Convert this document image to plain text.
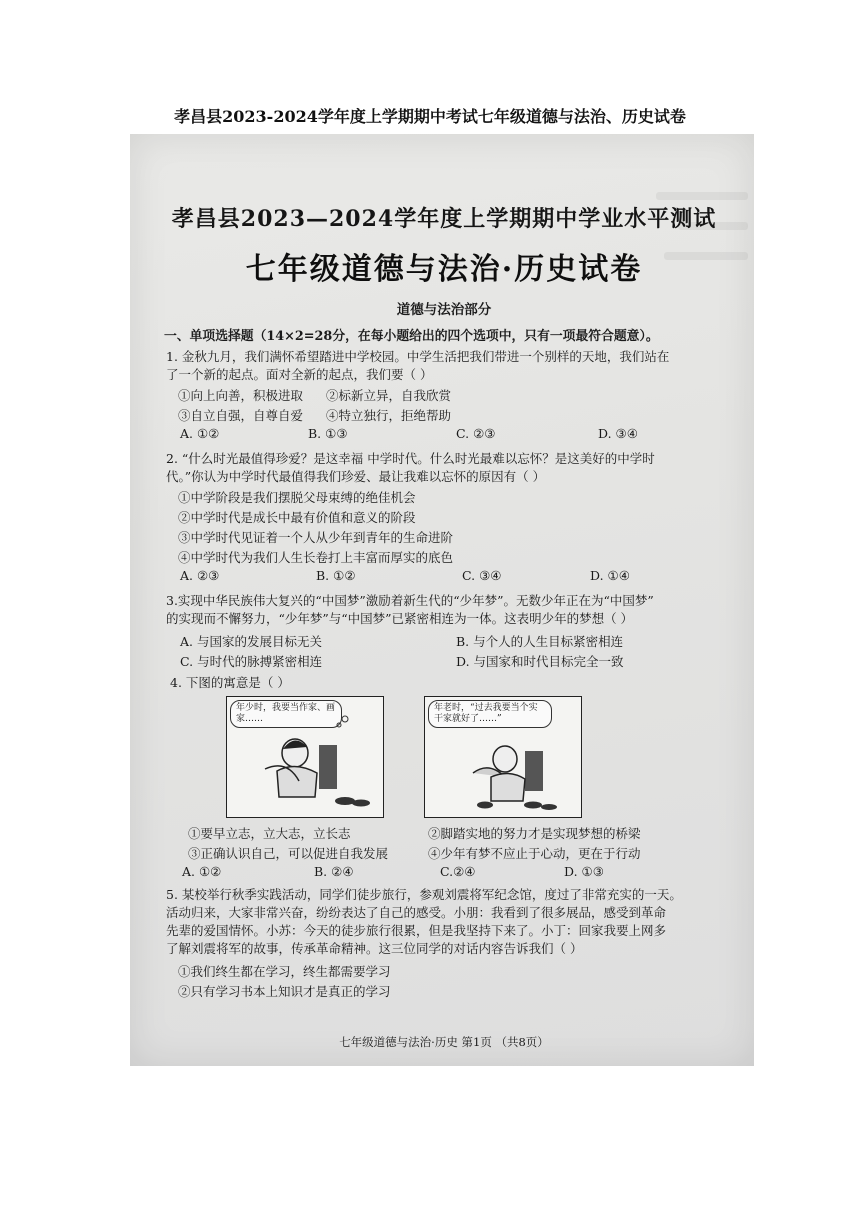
孝昌县2023-2024学年度上学期期中考试七年级道德与法治、历史试卷
孝昌县2023—2024学年度上学期期中学业水平测试
七年级道德与法治·历史试卷
道德与法治部分
一、单项选择题（14×2=28分，在每小题给出的四个选项中，只有一项最符合题意）。
1. 金秋九月，我们满怀希望踏进中学校园。中学生活把我们带进一个别样的天地，我们站在
了一个新的起点。面对全新的起点，我们要（ ）
①向上向善，积极进取 ②标新立异，自我欣赏
③自立自强，自尊自爱 ④特立独行，拒绝帮助
A. ①②	B. ①③	C. ②③	D. ③④
2. “什么时光最值得珍爱？是这幸福 中学时代。什么时光最难以忘怀？是这美好的中学时
代。”你认为中学时代最值得我们珍爱、最让我难以忘怀的原因有（ ）
①中学阶段是我们摆脱父母束缚的绝佳机会
②中学时代是成长中最有价值和意义的阶段
③中学时代见证着一个人从少年到青年的生命进阶
④中学时代为我们人生长卷打上丰富而厚实的底色
A. ②③	B. ①②	C. ③④	D. ①④
3.实现中华民族伟大复兴的“中国梦”激励着新生代的“少年梦”。无数少年正在为“中国梦”
的实现而不懈努力，“少年梦”与“中国梦”已紧密相连为一体。这表明少年的梦想（ ）
A. 与国家的发展目标无关	B. 与个人的人生目标紧密相连
C. 与时代的脉搏紧密相连	D. 与国家和时代目标完全一致
4. 下图的寓意是（ ）
年少时，我要当作家、画家……
年老时，“过去我要当个实干家就好了……”
①要早立志，立大志，立长志	②脚踏实地的努力才是实现梦想的桥梁
③正确认识自己，可以促进自我发展	④少年有梦不应止于心动，更在于行动
A. ①②	B. ②④	C.②④	D. ①③
5. 某校举行秋季实践活动，同学们徒步旅行，参观刘震将军纪念馆，度过了非常充实的一天。
活动归来，大家非常兴奋，纷纷表达了自己的感受。小朋：我看到了很多展品，感受到革命
先辈的爱国情怀。小苏：今天的徒步旅行很累，但是我坚持下来了。小丁：回家我要上网多
了解刘震将军的故事，传承革命精神。这三位同学的对话内容告诉我们（ ）
①我们终生都在学习，终生都需要学习
②只有学习书本上知识才是真正的学习
七年级道德与法治·历史 第1页 （共8页）
